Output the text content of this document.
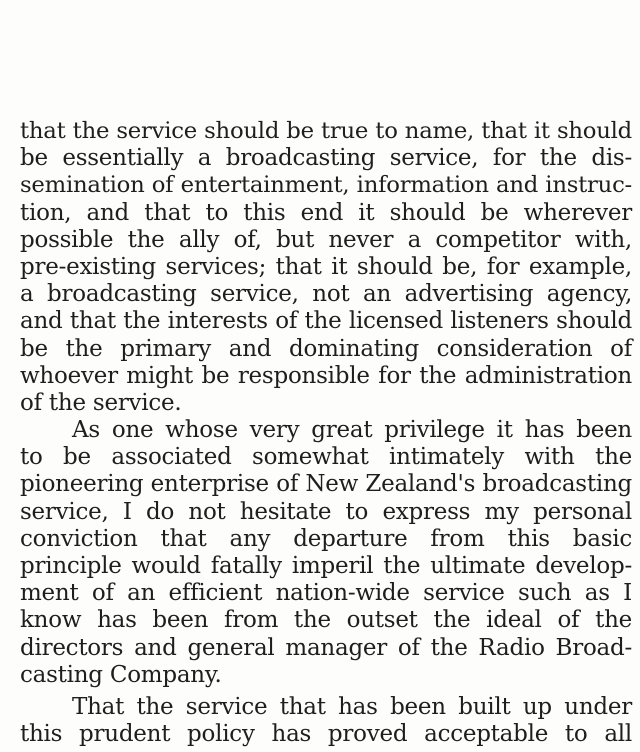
that the service should be true to name, that it should
be essentially a broadcasting service, for the dis-
semination of entertainment, information and instruc-
tion, and that to this end it should be wherever
possible the ally of, but never a competitor with,
pre-existing services; that it should be, for example,
a broadcasting service, not an advertising agency,
and that the interests of the licensed listeners should
be the primary and dominating consideration of
whoever might be responsible for the administration
of the service.
As one whose very great privilege it has been
to be associated somewhat intimately with the
pioneering enterprise of New Zealand's broadcasting
service, I do not hesitate to express my personal
conviction that any departure from this basic
principle would fatally imperil the ultimate develop-
ment of an efficient nation-wide service such as I
know has been from the outset the ideal of the
directors and general manager of the Radio Broad-
casting Company.
That the service that has been built up under
this prudent policy has proved acceptable to all
